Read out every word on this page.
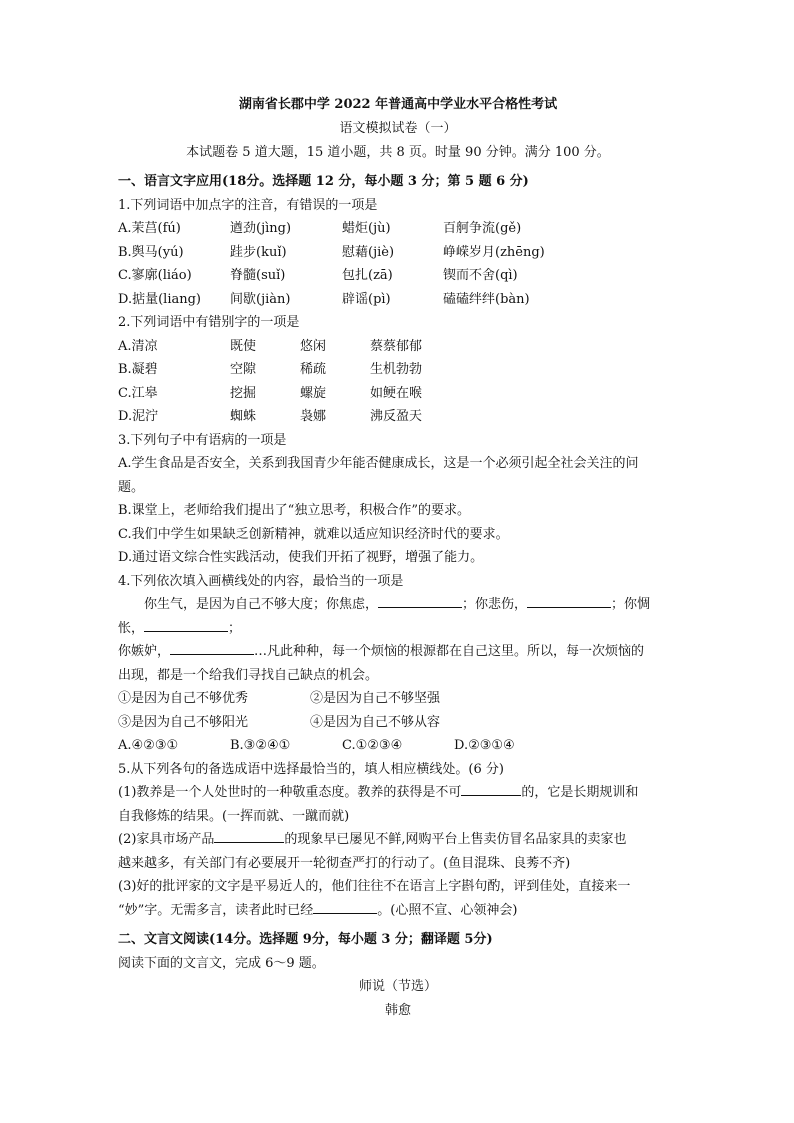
湖南省长郡中学 2022 年普通高中学业水平合格性考试
语文模拟试卷（一）
本试题卷 5 道大题，15 道小题，共 8 页。时量 90 分钟。满分 100 分。
一、语言文字应用(18分。选择题 12 分，每小题 3 分；第 5 题 6 分)
1.下列词语中加点字的注音，有错误的一项是
A.茉莒(fú)	遒劲(jìng)	蜡炬(jù)	百舸争流(gě)
B.舆马(yú)	跬步(kuǐ)	慰藉(jiè)	峥嵘岁月(zhēng)
C.寥廓(liáo)	脊髓(suǐ)	包扎(zā)	锲而不舍(qì)
D.掂量(liang)	间歇(jiàn)	辟谣(pì)	磕磕绊绊(bàn)
2.下列词语中有错别字的一项是
A.清凉	既使	悠闲	蔡蔡郁郁
B.凝碧	空隙	稀疏	生机勃勃
C.江皋	挖掘	螺旋	如鲠在喉
D.泥泞	蜘蛛	袅娜	沸反盈天
3.下列句子中有语病的一项是
A.学生食品是否安全，关系到我国青少年能否健康成长，这是一个必须引起全社会关注的问
题。
B.课堂上，老师给我们提出了“独立思考，积极合作”的要求。
C.我们中学生如果缺乏创新精神，就难以适应知识经济时代的要求。
D.通过语文综合性实践活动，使我们开拓了视野，增强了能力。
4.下列依次填入画横线处的内容，最恰当的一项是
你生气，是因为自己不够大度；你焦虑，	；你悲伤，	；你惆
怅，	；
你嫉妒，	…凡此种种，每一个烦恼的根源都在自己这里。所以，每一次烦恼的
出现，都是一个给我们寻找自己缺点的机会。
①是因为自己不够优秀	②是因为自己不够坚强
③是因为自己不够阳光	④是因为自己不够从容
A.④②③①	B.③②④①	C.①②③④	D.②③①④
5.从下列各句的备选成语中选择最恰当的，填人相应横线处。(6 分)
(1)教养是一个人处世时的一种敬重态度。教养的获得是不可	的，它是长期规训和
自我修炼的结果。(一挥而就、一蹴而就)
(2)家具市场产品	的现象早已屡见不鲜,网购平台上售卖仿冒名品家具的卖家也
越来越多，有关部门有必要展开一轮彻查严打的行动了。(鱼目混珠、良莠不齐)
(3)好的批评家的文字是平易近人的，他们往往不在语言上字斟句酌，评到佳处，直接来一
“妙”字。无需多言，读者此时已经	。(心照不宣、心领神会)
二、文言文阅读(14分。选择题 9分，每小题 3 分；翻译题 5分)
阅读下面的文言文，完成 6～9 题。
师说（节选）
韩愈
